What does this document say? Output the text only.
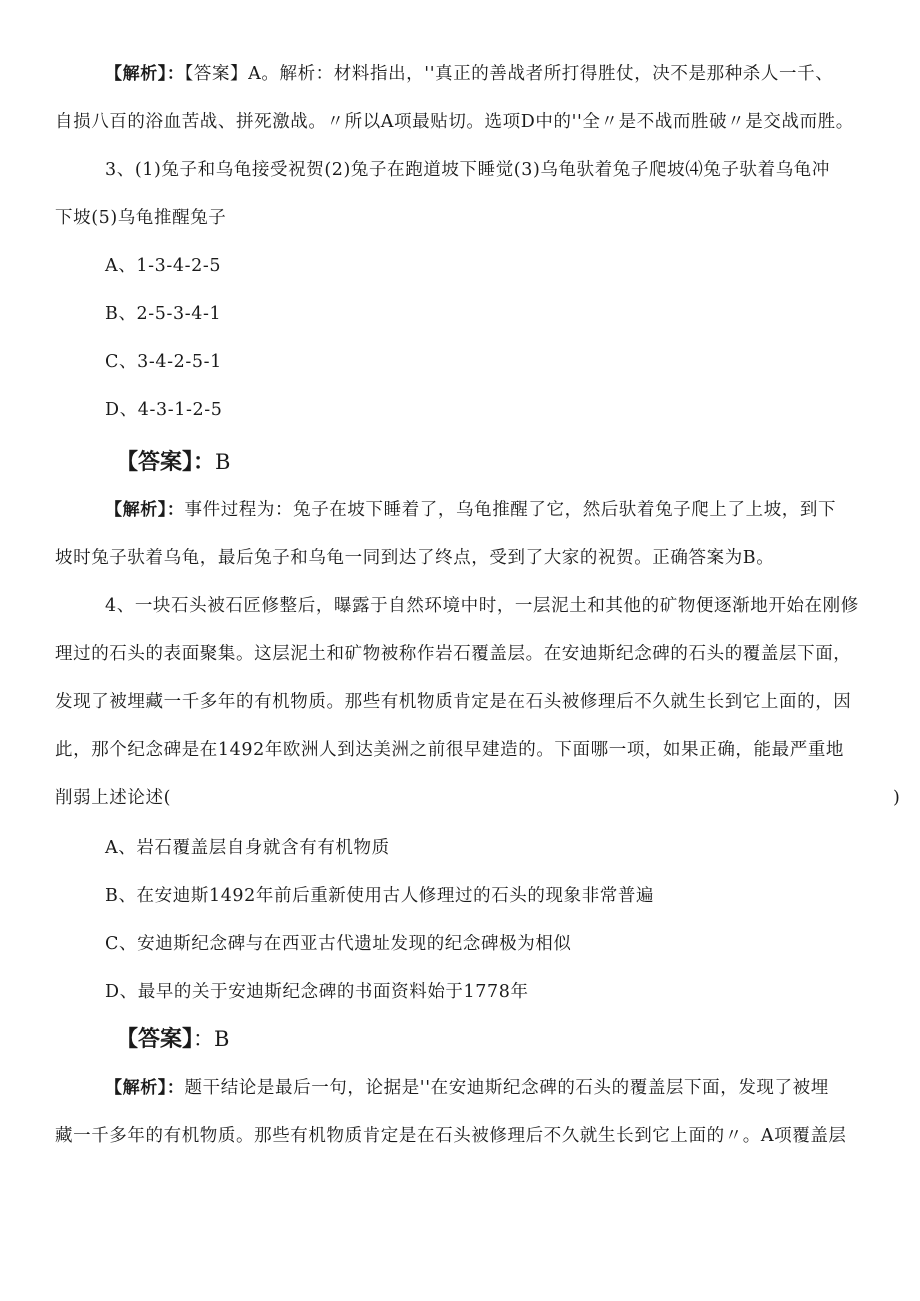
【解析】：【答案】A。解析：材料指出，''真正的善战者所打得胜仗，决不是那种杀人一千、
自损八百的浴血苦战、拼死激战。〃所以A项最贴切。选项D中的''全〃是不战而胜破〃是交战而胜。
3、(1)兔子和乌龟接受祝贺(2)兔子在跑道坡下睡觉(3)乌龟驮着兔子爬坡⑷兔子驮着乌龟冲
下坡(5)乌龟推醒兔子
A、1-3-4-2-5
B、2-5-3-4-1
C、3-4-2-5-1
D、4-3-1-2-5
【答案】：B
【解析】：事件过程为：兔子在坡下睡着了，乌龟推醒了它，然后驮着兔子爬上了上坡，到下
坡时兔子驮着乌龟，最后兔子和乌龟一同到达了终点，受到了大家的祝贺。正确答案为B。
4、一块石头被石匠修整后，曝露于自然环境中时，一层泥土和其他的矿物便逐渐地开始在刚修
理过的石头的表面聚集。这层泥土和矿物被称作岩石覆盖层。在安迪斯纪念碑的石头的覆盖层下面，
发现了被埋藏一千多年的有机物质。那些有机物质肯定是在石头被修理后不久就生长到它上面的，因
此，那个纪念碑是在1492年欧洲人到达美洲之前很早建造的。下面哪一项，如果正确，能最严重地
削弱上述论述(	)
A、岩石覆盖层自身就含有有机物质
B、在安迪斯1492年前后重新使用古人修理过的石头的现象非常普遍
C、安迪斯纪念碑与在西亚古代遗址发现的纪念碑极为相似
D、最早的关于安迪斯纪念碑的书面资料始于1778年
【答案】：B
【解析】：题干结论是最后一句，论据是''在安迪斯纪念碑的石头的覆盖层下面，发现了被埋
藏一千多年的有机物质。那些有机物质肯定是在石头被修理后不久就生长到它上面的〃。A项覆盖层
